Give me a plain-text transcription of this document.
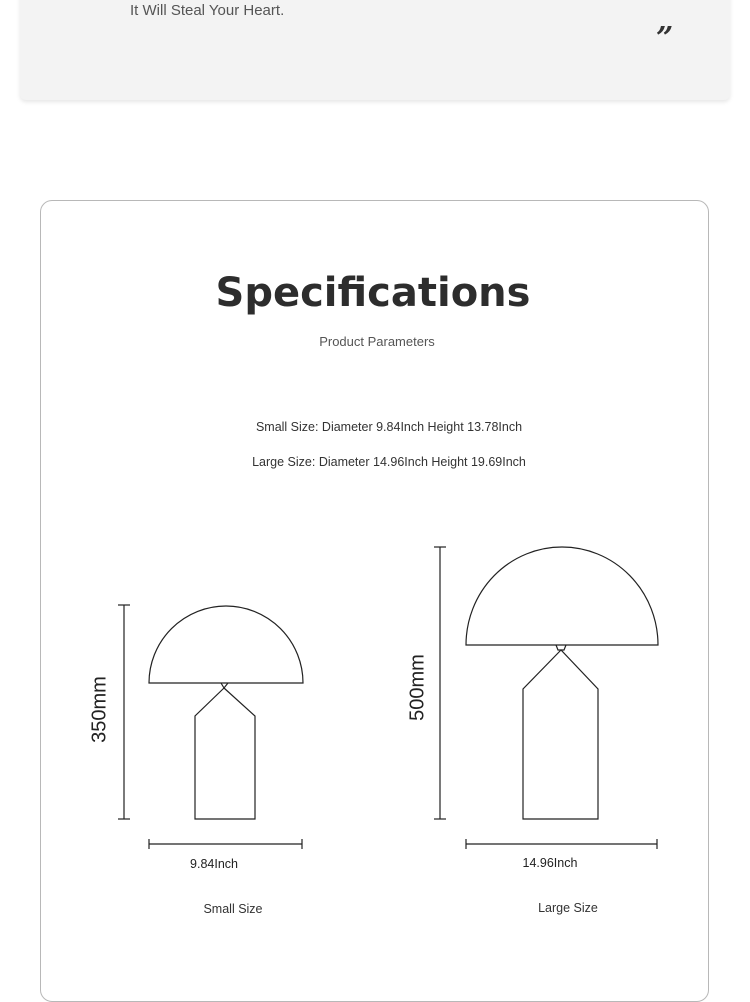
It Will Steal Your Heart.
”
Specifications
Product Parameters
Small Size: Diameter 9.84Inch Height 13.78Inch
Large Size: Diameter 14.96Inch Height 19.69Inch
350mm	500mm
9.84Inch	14.96Inch
Small Size	Large Size
